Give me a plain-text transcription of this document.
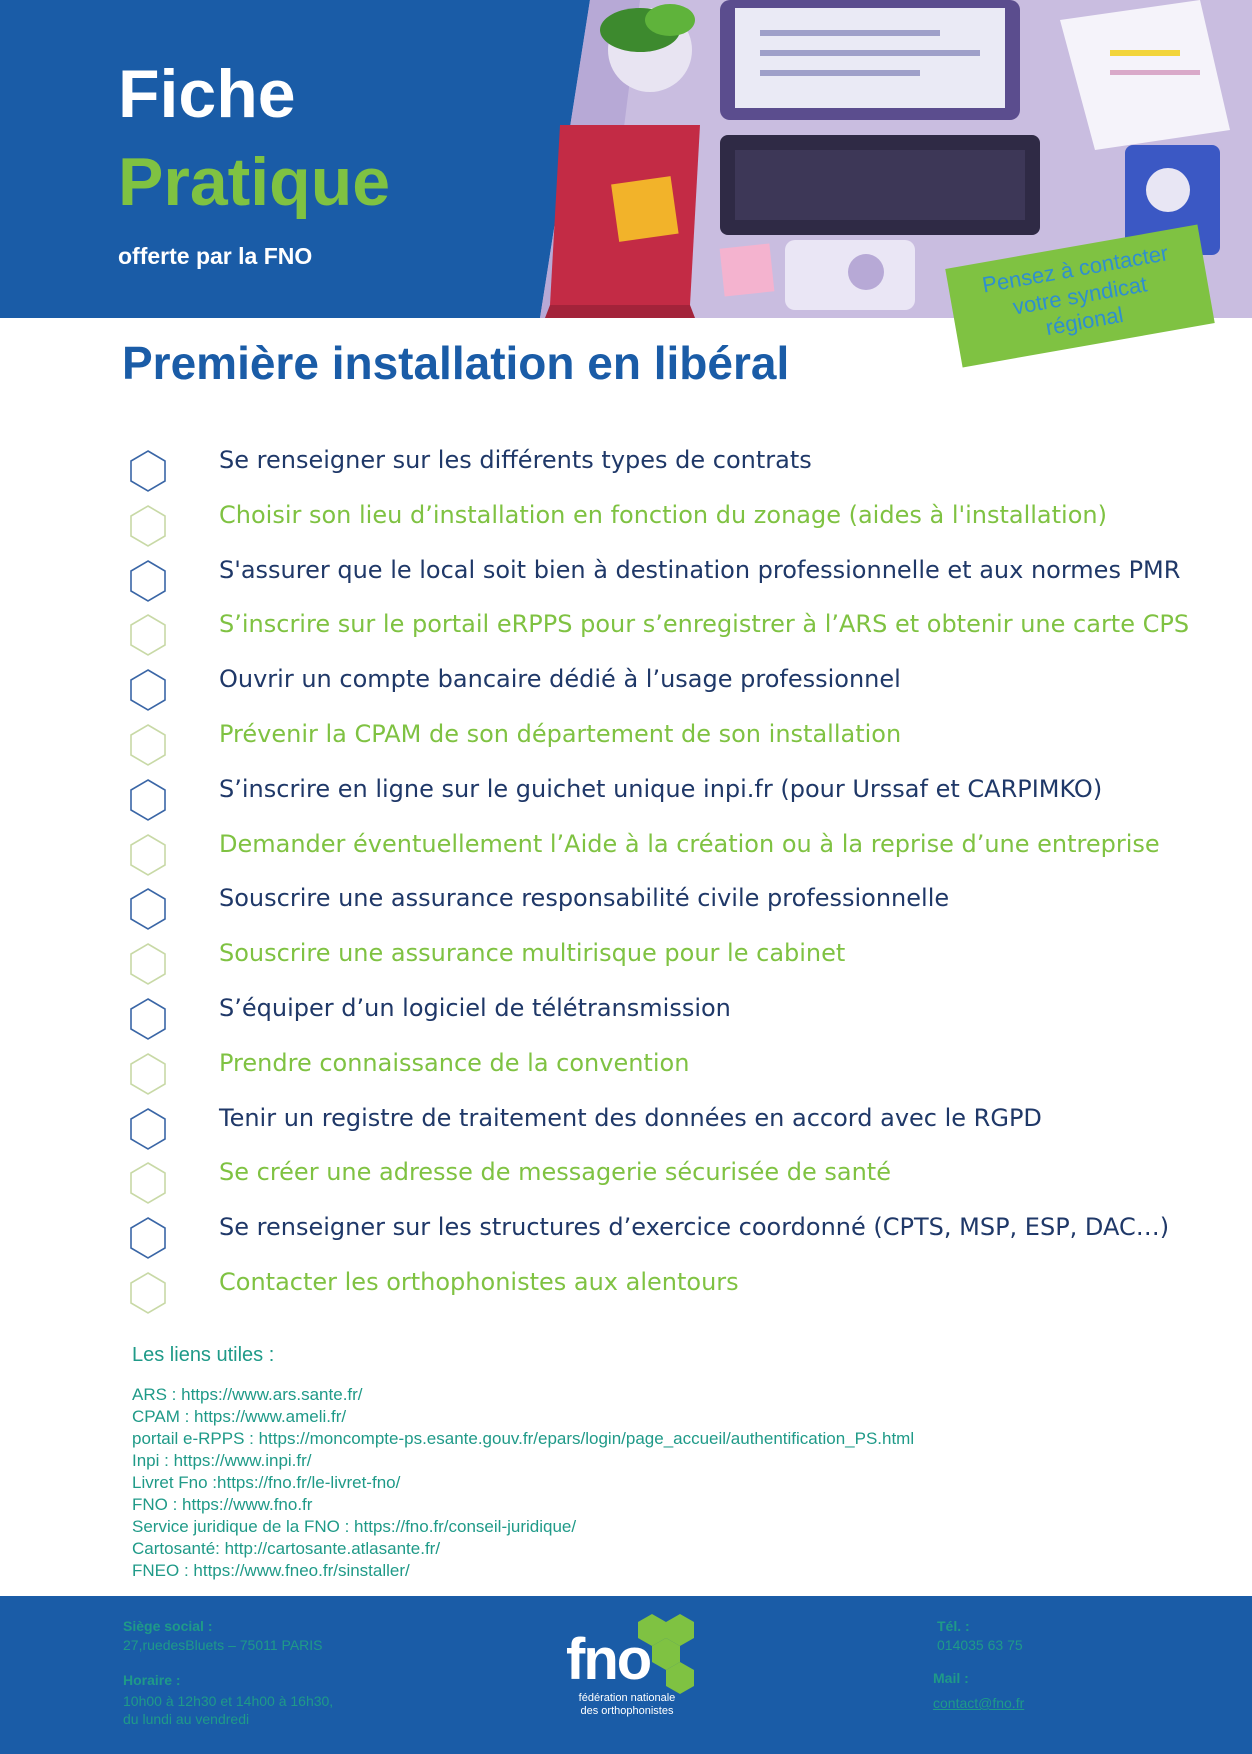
Fiche
Pratique
offerte par la FNO	Pensez à contacter
votre syndicat
régional
Première installation en libéral
Se renseigner sur les différents types de contrats
Choisir son lieu d’installation en fonction du zonage (aides à l'installation)
S'assurer que le local soit bien à destination professionnelle et aux normes PMR
S’inscrire sur le portail eRPPS pour s’enregistrer à l’ARS et obtenir une carte CPS
Ouvrir un compte bancaire dédié à l’usage professionnel
Prévenir la CPAM de son département de son installation
S’inscrire en ligne sur le guichet unique inpi.fr (pour Urssaf et CARPIMKO)
Demander éventuellement l’Aide à la création ou à la reprise d’une entreprise
Souscrire une assurance responsabilité civile professionnelle
Souscrire une assurance multirisque pour le cabinet
S’équiper d’un logiciel de télétransmission
Prendre connaissance de la convention
Tenir un registre de traitement des données en accord avec le RGPD
Se créer une adresse de messagerie sécurisée de santé
Se renseigner sur les structures d’exercice coordonné (CPTS, MSP, ESP, DAC…)
Contacter les orthophonistes aux alentours
Les liens utiles :
ARS : https://www.ars.sante.fr/
CPAM : https://www.ameli.fr/
portail e-RPPS : https://moncompte-ps.esante.gouv.fr/epars/login/page_accueil/authentification_PS.html
Inpi : https://www.inpi.fr/
Livret Fno :https://fno.fr/le-livret-fno/
FNO : https://www.fno.fr
Service juridique de la FNO : https://fno.fr/conseil-juridique/
Cartosanté: http://cartosante.atlasante.fr/
FNEO : https://www.fneo.fr/sinstaller/
Siège social :
27,ruedesBluets – 75011 PARIS
Horaire :
10h00 à 12h30 et 14h00 à 16h30,
du lundi au vendredi
fno
fédération nationale des orthophonistes
Tél. :
014035 63 75
Mail :
contact@fno.fr
